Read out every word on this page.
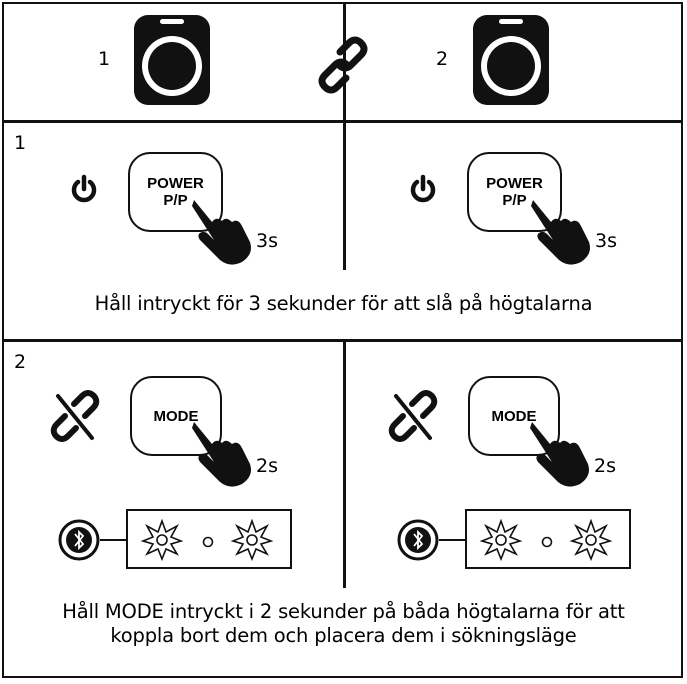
1	2
1
POWER
P/P
3s
POWER
P/P
3s
Håll intryckt för 3 sekunder för att slå på högtalarna
2
MODE
2s
MODE
2s
Håll MODE intryckt i 2 sekunder på båda högtalarna för att
koppla bort dem och placera dem i sökningsläge
